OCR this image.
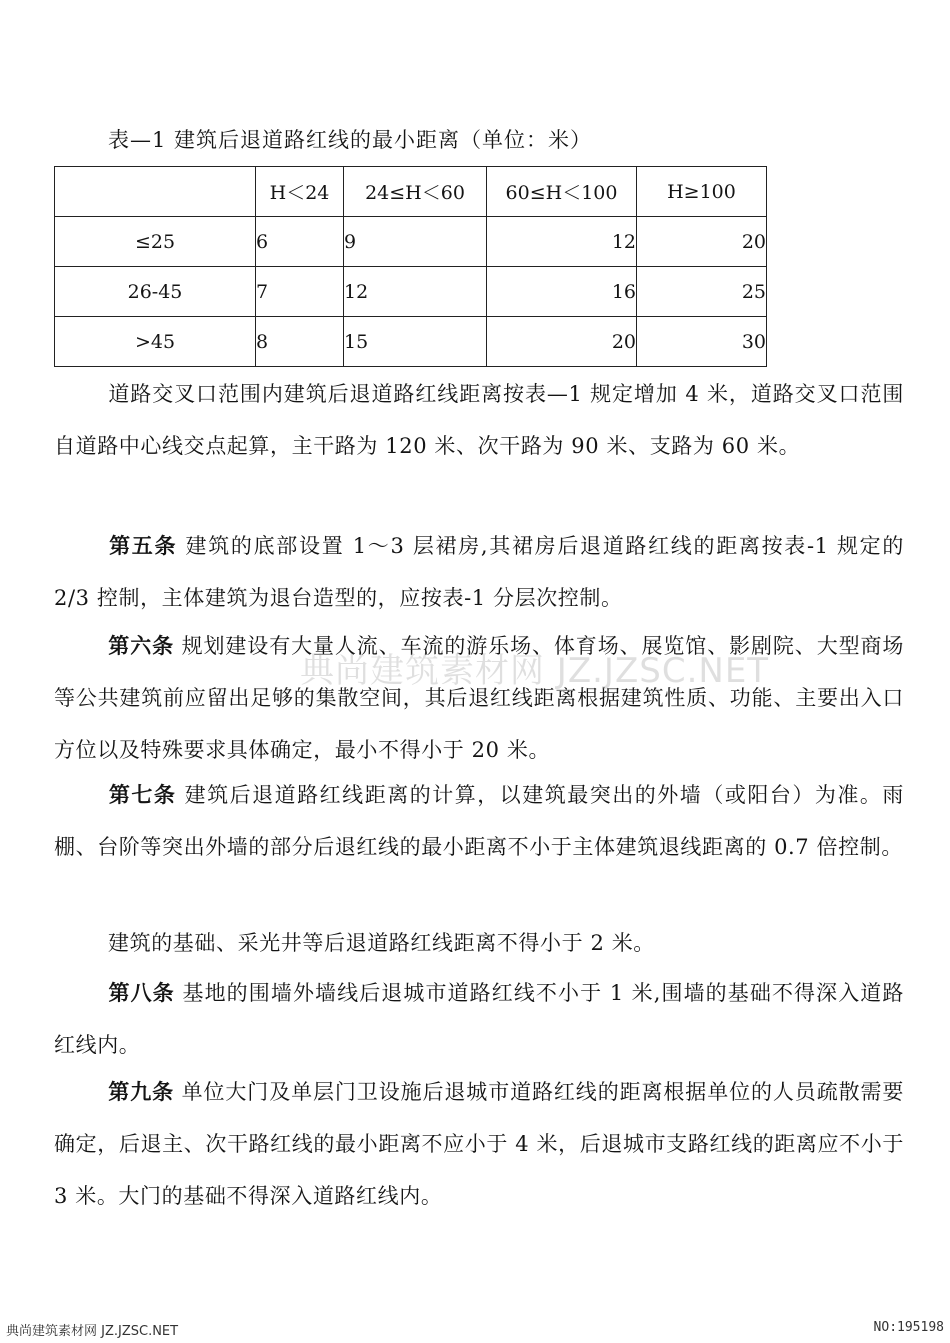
表—1 建筑后退道路红线的最小距离（单位：米）
	H＜24	24≤H＜60	60≤H＜100	H≥100
≤25	6	9	12	20
26-45	7	12	16	25
>45	8	15	20	30

道路交叉口范围内建筑后退道路红线距离按表—1 规定增加 4 米，道路交叉口范围自道路中心线交点起算，主干路为 120 米、次干路为 90 米、支路为 60 米。

第五条 建筑的底部设置 1～3 层裙房,其裙房后退道路红线的距离按表-1 规定的 2/3 控制，主体建筑为退台造型的，应按表-1 分层次控制。

第六条 规划建设有大量人流、车流的游乐场、体育场、展览馆、影剧院、大型商场等公共建筑前应留出足够的集散空间，其后退红线距离根据建筑性质、功能、主要出入口方位以及特殊要求具体确定，最小不得小于 20 米。

第七条 建筑后退道路红线距离的计算，以建筑最突出的外墙（或阳台）为准。雨棚、台阶等突出外墙的部分后退红线的最小距离不小于主体建筑退线距离的 0.7 倍控制。

建筑的基础、采光井等后退道路红线距离不得小于 2 米。

第八条 基地的围墙外墙线后退城市道路红线不小于 1 米,围墙的基础不得深入道路红线内。

第九条 单位大门及单层门卫设施后退城市道路红线的距离根据单位的人员疏散需要确定，后退主、次干路红线的最小距离不应小于 4 米，后退城市支路红线的距离应不小于 3 米。大门的基础不得深入道路红线内。

典尚建筑素材网 JZ.JZSC.NET
典尚建筑素材网 JZ.JZSC.NET	NO:195198
